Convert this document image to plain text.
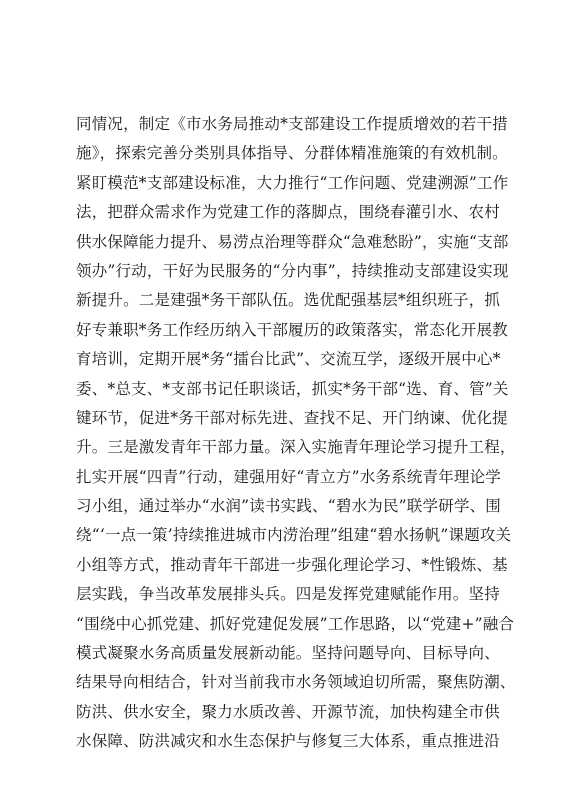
同情况，制定《市水务局推动*支部建设工作提质增效的若干措
施》，探索完善分类别具体指导、分群体精准施策的有效机制。
紧盯模范*支部建设标准，大力推行“工作问题、党建溯源”工作
法，把群众需求作为党建工作的落脚点，围绕春灌引水、农村
供水保障能力提升、易涝点治理等群众“急难愁盼”，实施“支部
领办”行动，干好为民服务的“分内事”，持续推动支部建设实现
新提升。二是建强*务干部队伍。选优配强基层*组织班子，抓
好专兼职*务工作经历纳入干部履历的政策落实，常态化开展教
育培训，定期开展*务“擂台比武”、交流互学，逐级开展中心*
委、*总支、*支部书记任职谈话，抓实*务干部“选、育、管”关
键环节，促进*务干部对标先进、查找不足、开门纳谏、优化提
升。三是激发青年干部力量。深入实施青年理论学习提升工程，
扎实开展“四青”行动，建强用好“青立方”水务系统青年理论学
习小组，通过举办“水润”读书实践、“碧水为民”联学研学、围
绕“‘一点一策’持续推进城市内涝治理”组建“碧水扬帆”课题攻关
小组等方式，推动青年干部进一步强化理论学习、*性锻炼、基
层实践，争当改革发展排头兵。四是发挥党建赋能作用。坚持
“围绕中心抓党建、抓好党建促发展”工作思路，以“党建+”融合
模式凝聚水务高质量发展新动能。坚持问题导向、目标导向、
结果导向相结合，针对当前我市水务领域迫切所需，聚焦防潮、
防洪、供水安全，聚力水质改善、开源节流，加快构建全市供
水保障、防洪减灾和水生态保护与修复三大体系，重点推进沿
